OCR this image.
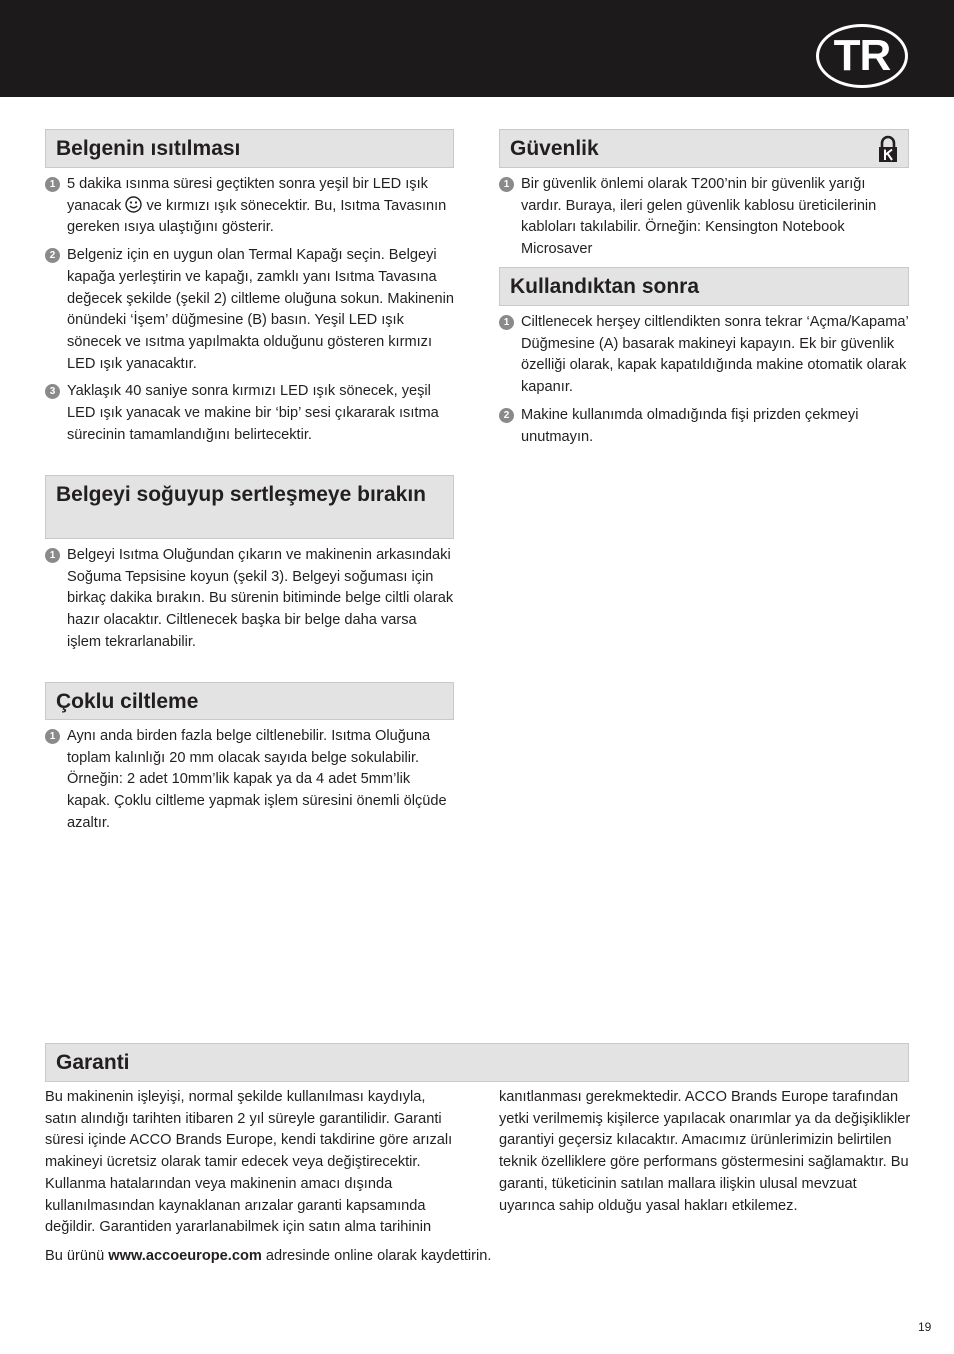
TR
Belgenin ısıtılması
1 5 dakika ısınma süresi geçtikten sonra yeşil bir LED ışık yanacak ve kırmızı ışık sönecektir. Bu, Isıtma Tavasının gereken ısıya ulaştığını gösterir.
2 Belgeniz için en uygun olan Termal Kapağı seçin. Belgeyi kapağa yerleştirin ve kapağı, zamklı yanı Isıtma Tavasına değecek şekilde (şekil 2) ciltleme oluğuna sokun. Makinenin önündeki ‘İşem’ düğmesine (B) basın. Yeşil LED ışık sönecek ve ısıtma yapılmakta olduğunu gösteren kırmızı LED ışık yanacaktır.
3 Yaklaşık 40 saniye sonra kırmızı LED ışık sönecek, yeşil LED ışık yanacak ve makine bir ‘bip’ sesi çıkararak ısıtma sürecinin tamamlandığını belirtecektir.
Belgeyi soğuyup sertleşmeye bırakın
1 Belgeyi Isıtma Oluğundan çıkarın ve makinenin arkasındaki Soğuma Tepsisine koyun (şekil 3). Belgeyi soğuması için birkaç dakika bırakın. Bu sürenin bitiminde belge ciltli olarak hazır olacaktır. Ciltlenecek başka bir belge daha varsa işlem tekrarlanabilir.
Çoklu ciltleme
1 Aynı anda birden fazla belge ciltlenebilir. Isıtma Oluğuna toplam kalınlığı 20 mm olacak sayıda belge sokulabilir. Örneğin: 2 adet 10mm’lik kapak ya da 4 adet 5mm’lik kapak. Çoklu ciltleme yapmak işlem süresini önemli ölçüde azaltır.
Güvenlik
1 Bir güvenlik önlemi olarak T200’nin bir güvenlik yarığı vardır. Buraya, ileri gelen güvenlik kablosu üreticilerinin kabloları takılabilir. Örneğin: Kensington Notebook Microsaver
Kullandıktan sonra
1 Ciltlenecek herşey ciltlendikten sonra tekrar ‘Açma/Kapama’ Düğmesine (A) basarak makineyi kapayın. Ek bir güvenlik özelliği olarak, kapak kapatıldığında makine otomatik olarak kapanır.
2 Makine kullanımda olmadığında fişi prizden çekmeyi unutmayın.
Garanti

Bu makinenin işleyişi, normal şekilde kullanılması kaydıyla, satın alındığı tarihten itibaren 2 yıl süreyle garantilidir. Garanti süresi içinde ACCO Brands Europe, kendi takdirine göre arızalı makineyi ücretsiz olarak tamir edecek veya değiştirecektir. Kullanma hatalarından veya makinenin amacı dışında kullanılmasından kaynaklanan arızalar garanti kapsamında değildir. Garantiden yararlanabilmek için satın alma tarihinin

kanıtlanması gerekmektedir. ACCO Brands Europe tarafından yetki verilmemiş kişilerce yapılacak onarımlar ya da değişiklikler garantiyi geçersiz kılacaktır. Amacımız ürünlerimizin belirtilen teknik özelliklere göre performans göstermesini sağlamaktır. Bu garanti, tüketicinin satılan mallara ilişkin ulusal mevzuat uyarınca sahip olduğu yasal hakları etkilemez.

Bu ürünü www.accoeurope.com adresinde online olarak kaydettirin.

19
